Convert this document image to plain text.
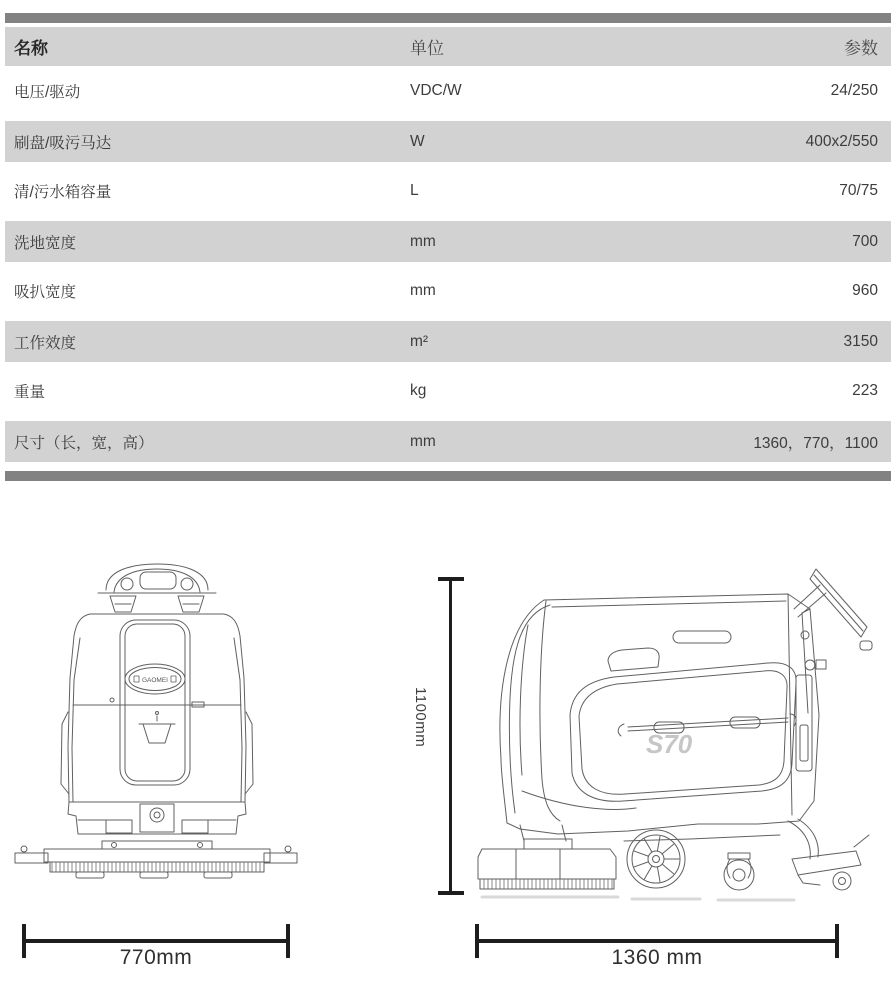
名称	单位	参数
电压/驱动	VDC/W	24/250
刷盘/吸污马达	W	400x2/550
清/污水箱容量	L	70/75
洗地宽度	mm	700
吸扒宽度	mm	960
工作效度	m²	3150
重量	kg	223
尺寸（长，宽，高）	mm	1360，770，1100
GAOMEI
S70
1100mm
770mm	1360 mm
